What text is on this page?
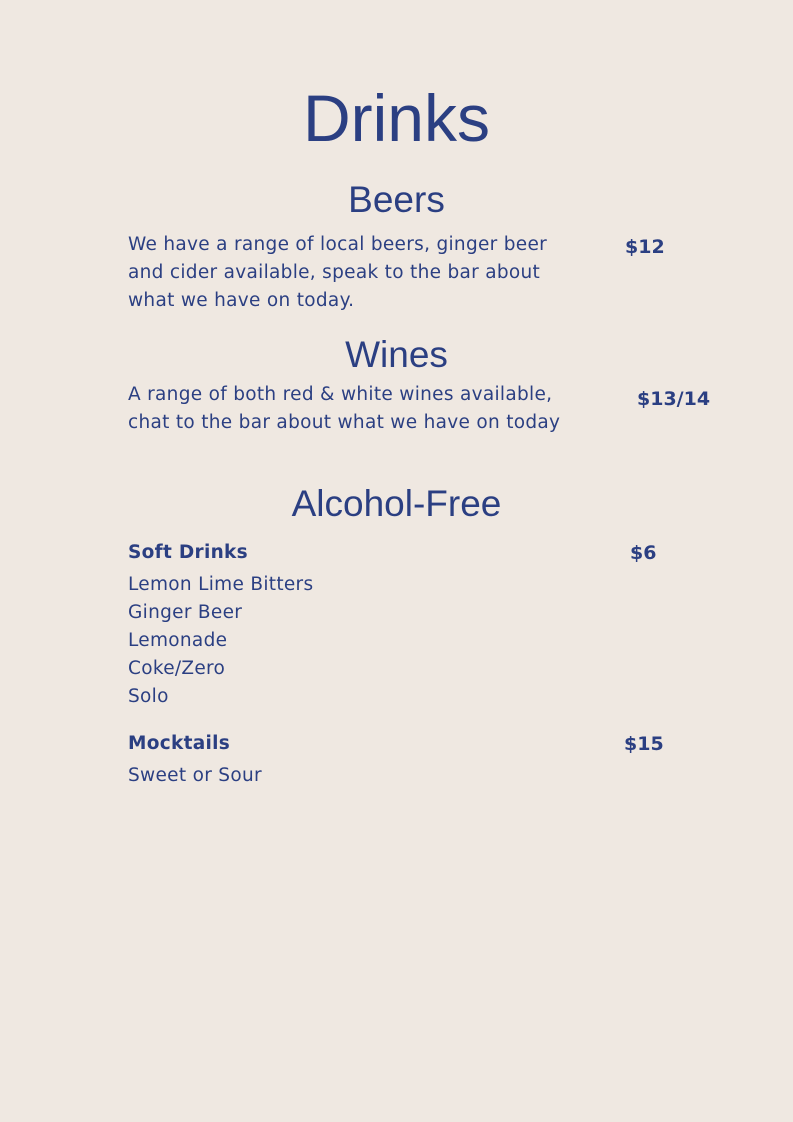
Drinks
Beers
We have a range of local beers, ginger beer
and cider available, speak to the bar about
what we have on today.
$12
Wines
A range of both red & white wines available,
chat to the bar about what we have on today
$13/14
Alcohol-Free
Soft Drinks	$6
Lemon Lime Bitters
Ginger Beer
Lemonade
Coke/Zero
Solo
Mocktails	$15
Sweet or Sour
